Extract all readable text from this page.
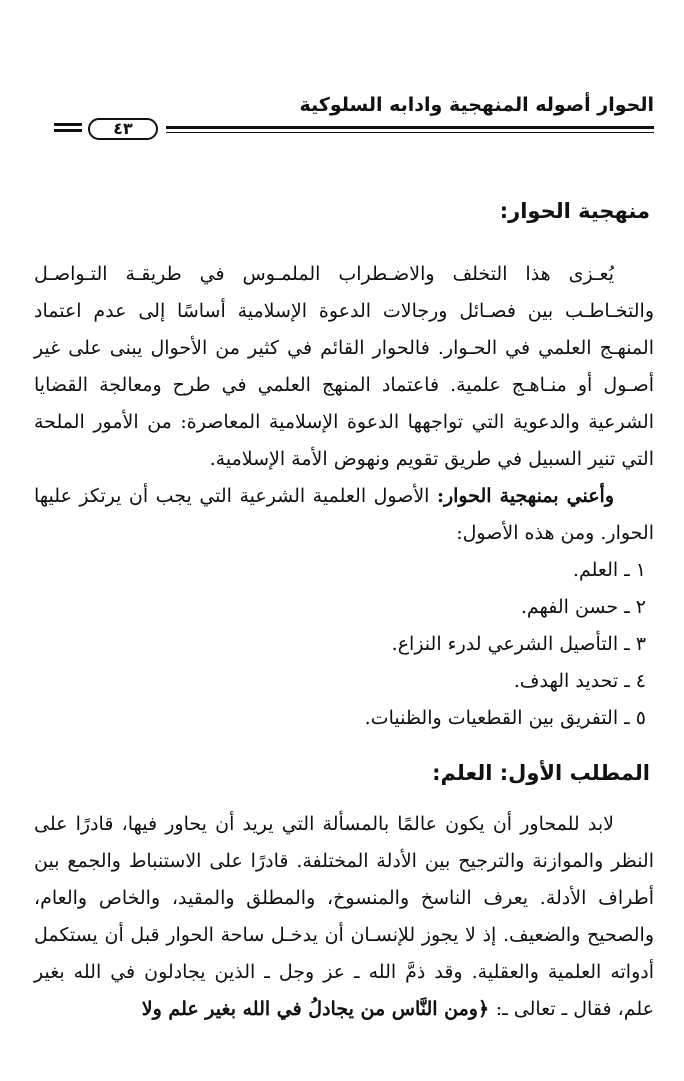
الحوار أصوله المنهجية وادابه السلوكية
٤٣
منهجية الحوار:

يُعـزى هذا التخلف والاضـطراب الملمـوس في طريقـة التـواصـل والتخـاطـب بين فصـائل ورجالات الدعوة الإسلامية أساسًا إلى عدم اعتماد المنهـج العلمي في الحـوار. فالحوار القائم في كثير من الأحوال يبنى على غير أصـول أو منـاهـج علمية. فاعتماد المنهج العلمي في طرح ومعالجة القضايا الشرعية والدعوية التي تواجهها الدعوة الإسلامية المعاصرة: من الأمور الملحة التي تنير السبيل في طريق تقويم ونهوض الأمة الإسلامية.

وأعني بمنهجية الحوار: الأصول العلمية الشرعية التي يجب أن يرتكز عليها الحوار. ومن هذه الأصول:

١ ـ العلم.

٢ ـ حسن الفهم.

٣ ـ التأصيل الشرعي لدرء النزاع.

٤ ـ تحديد الهدف.

٥ ـ التفريق بين القطعيات والظنيات.

المطلب الأول: العلم:

لابد للمحاور أن يكون عالمًا بالمسألة التي يريد أن يحاور فيها، قادرًا على النظر والموازنة والترجيح بين الأدلة المختلفة. قادرًا على الاستنباط والجمع بين أطراف الأدلة. يعرف الناسخ والمنسوخ، والمطلق والمقيد، والخاص والعام، والصحيح والضعيف. إذ لا يجوز للإنسـان أن يدخـل ساحة الحوار قبل أن يستكمل أدواته العلمية والعقلية. وقد ذمَّ الله ـ عز وجل ـ الذين يجادلون في الله بغير علم، فقال ـ تعالى ـ: ﴿ومن النَّاس من يجادلُ في الله بغير علم ولا
